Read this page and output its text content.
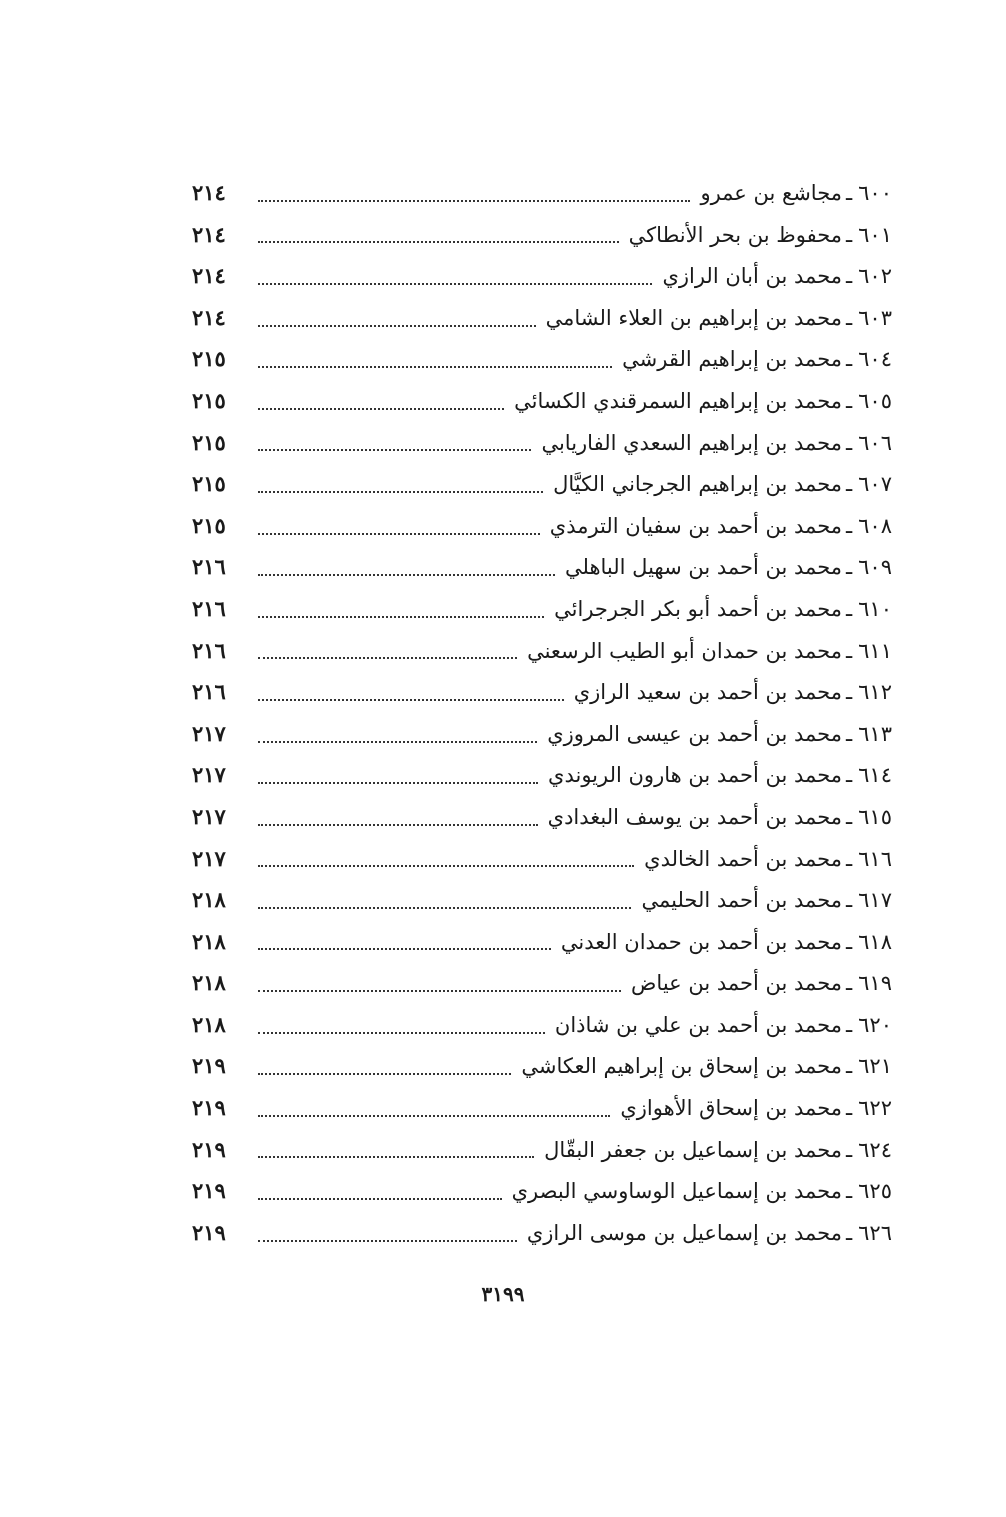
٦٠٠
ـ
مجاشع بن عمرو
٢١٤
٦٠١
ـ
محفوظ بن بحر الأنطاكي
٢١٤
٦٠٢
ـ
محمد بن أبان الرازي
٢١٤
٦٠٣
ـ
محمد بن إبراهيم بن العلاء الشامي
٢١٤
٦٠٤
ـ
محمد بن إبراهيم القرشي
٢١٥
٦٠٥
ـ
محمد بن إبراهيم السمرقندي الكسائي
٢١٥
٦٠٦
ـ
محمد بن إبراهيم السعدي الفاريابي
٢١٥
٦٠٧
ـ
محمد بن إبراهيم الجرجاني الكيَّال
٢١٥
٦٠٨
ـ
محمد بن أحمد بن سفيان الترمذي
٢١٥
٦٠٩
ـ
محمد بن أحمد بن سهيل الباهلي
٢١٦
٦١٠
ـ
محمد بن أحمد أبو بكر الجرجرائي
٢١٦
٦١١
ـ
محمد بن حمدان أبو الطيب الرسعني
٢١٦
٦١٢
ـ
محمد بن أحمد بن سعيد الرازي
٢١٦
٦١٣
ـ
محمد بن أحمد بن عيسى المروزي
٢١٧
٦١٤
ـ
محمد بن أحمد بن هارون الريوندي
٢١٧
٦١٥
ـ
محمد بن أحمد بن يوسف البغدادي
٢١٧
٦١٦
ـ
محمد بن أحمد الخالدي
٢١٧
٦١٧
ـ
محمد بن أحمد الحليمي
٢١٨
٦١٨
ـ
محمد بن أحمد بن حمدان العدني
٢١٨
٦١٩
ـ
محمد بن أحمد بن عياض
٢١٨
٦٢٠
ـ
محمد بن أحمد بن علي بن شاذان
٢١٨
٦٢١
ـ
محمد بن إسحاق بن إبراهيم العكاشي
٢١٩
٦٢٢
ـ
محمد بن إسحاق الأهوازي
٢١٩
٦٢٤
ـ
محمد بن إسماعيل بن جعفر البقّال
٢١٩
٦٢٥
ـ
محمد بن إسماعيل الوساوسي البصري
٢١٩
٦٢٦
ـ
محمد بن إسماعيل بن موسى الرازي
٢١٩
٣١٩٩
